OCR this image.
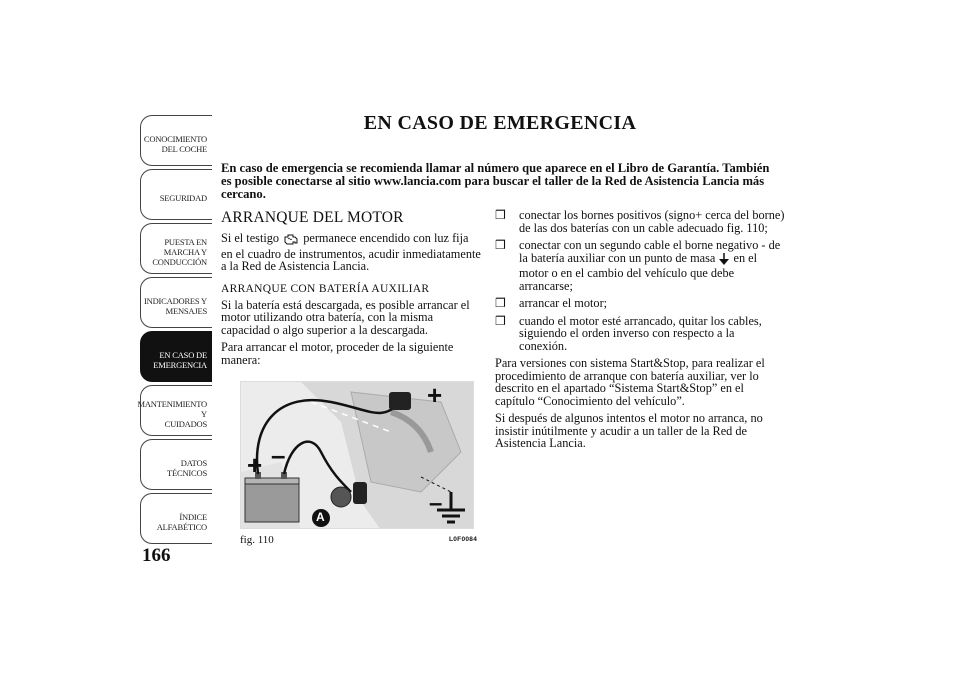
CONOCIMIENTO
DEL COCHE
SEGURIDAD
PUESTA EN
MARCHA Y
CONDUCCIÓN
INDICADORES Y
MENSAJES
EN CASO DE
EMERGENCIA
MANTENIMIENTO Y
CUIDADOS
DATOS TÉCNICOS
ÍNDICE
ALFABÉTICO
166
EN CASO DE EMERGENCIA
En caso de emergencia se recomienda llamar al número que aparece en el Libro de Garantía. También es posible conectarse al sitio www.lancia.com para buscar el taller de la Red de Asistencia Lancia más cercano.
ARRANQUE DEL MOTOR

Si el testigo  permanece encendido con luz fija en el cuadro de instrumentos, acudir inmediatamente a la Red de Asistencia Lancia.

ARRANQUE CON BATERÍA AUXILIAR

Si la batería está descargada, es posible arrancar el motor utilizando otra batería, con la misma capacidad o algo superior a la descargada.

Para arrancar el motor, proceder de la siguiente manera:

A
+ –
+
–
fig. 110	L0F0084
❒
conectar los bornes positivos (signo+ cerca del borne) de las dos baterías con un cable adecuado fig. 110;
❒
conectar con un segundo cable el borne negativo - de la batería auxiliar con un punto de masa  en el motor o en el cambio del vehículo que debe arrancarse;
❒
arrancar el motor;
❒
cuando el motor esté arrancado, quitar los cables, siguiendo el orden inverso con respecto a la conexión.

Para versiones con sistema Start&Stop, para realizar el procedimiento de arranque con batería auxiliar, ver lo descrito en el apartado “Sistema Start&Stop” en el capítulo “Conocimiento del vehículo”.

Si después de algunos intentos el motor no arranca, no insistir inútilmente y acudir a un taller de la Red de Asistencia Lancia.
